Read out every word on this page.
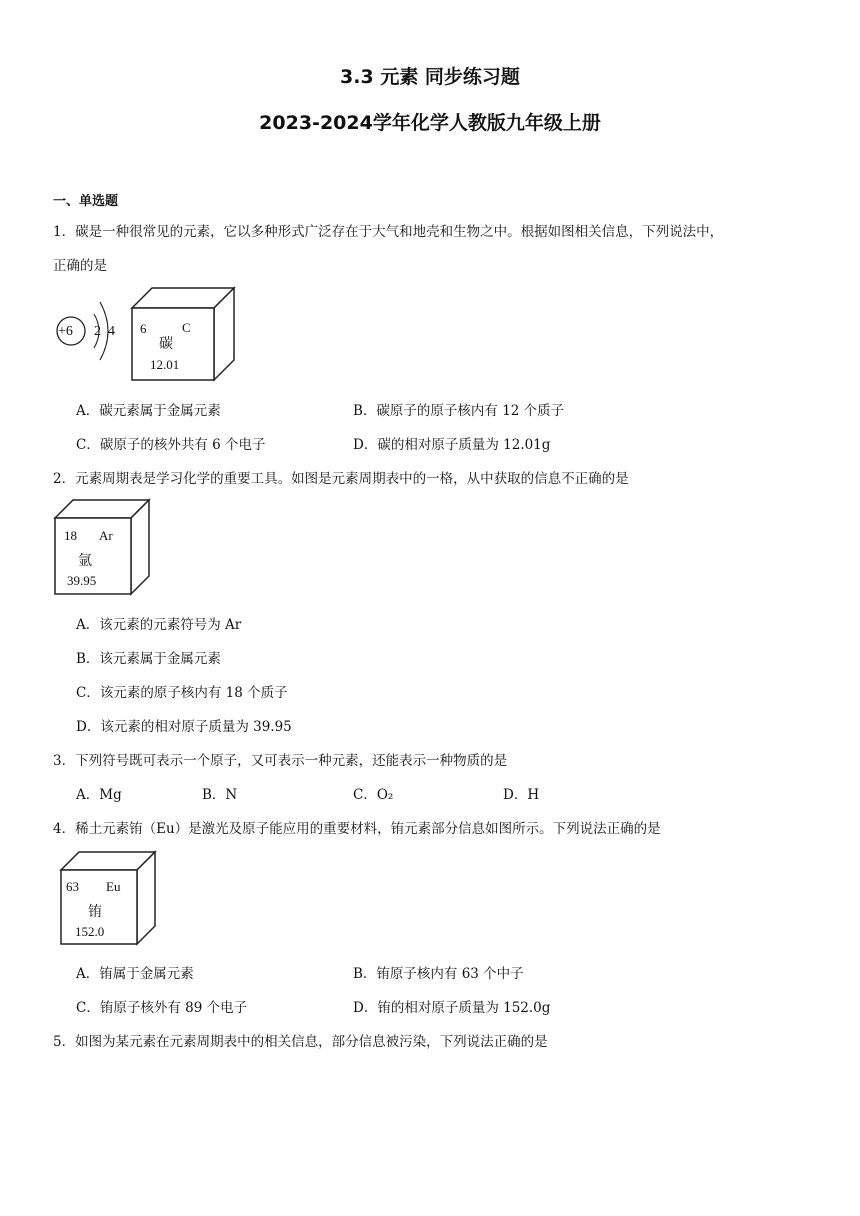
3.3 元素 同步练习题
2023-2024学年化学人教版九年级上册
一、单选题
1．碳是一种很常见的元素，它以多种形式广泛存在于大气和地壳和生物之中。根据如图相关信息，下列说法中，
正确的是
+6 2 4 6	C
碳
12.01
A．碳元素属于金属元素	B．碳原子的原子核内有 12 个质子
C．碳原子的核外共有 6 个电子	D．碳的相对原子质量为 12.01g
2．元素周期表是学习化学的重要工具。如图是元素周期表中的一格，从中获取的信息不正确的是
18 Ar
氩
39.95
A．该元素的元素符号为 Ar
B．该元素属于金属元素
C．该元素的原子核内有 18 个质子
D．该元素的相对原子质量为 39.95
3．下列符号既可表示一个原子，又可表示一种元素，还能表示一种物质的是
A．Mg	B．N	C．O₂	D．H
4．稀土元素铕（Eu）是激光及原子能应用的重要材料，铕元素部分信息如图所示。下列说法正确的是
63 Eu
铕
152.0
A．铕属于金属元素	B．铕原子核内有 63 个中子
C．铕原子核外有 89 个电子	D．铕的相对原子质量为 152.0g
5．如图为某元素在元素周期表中的相关信息，部分信息被污染，下列说法正确的是
